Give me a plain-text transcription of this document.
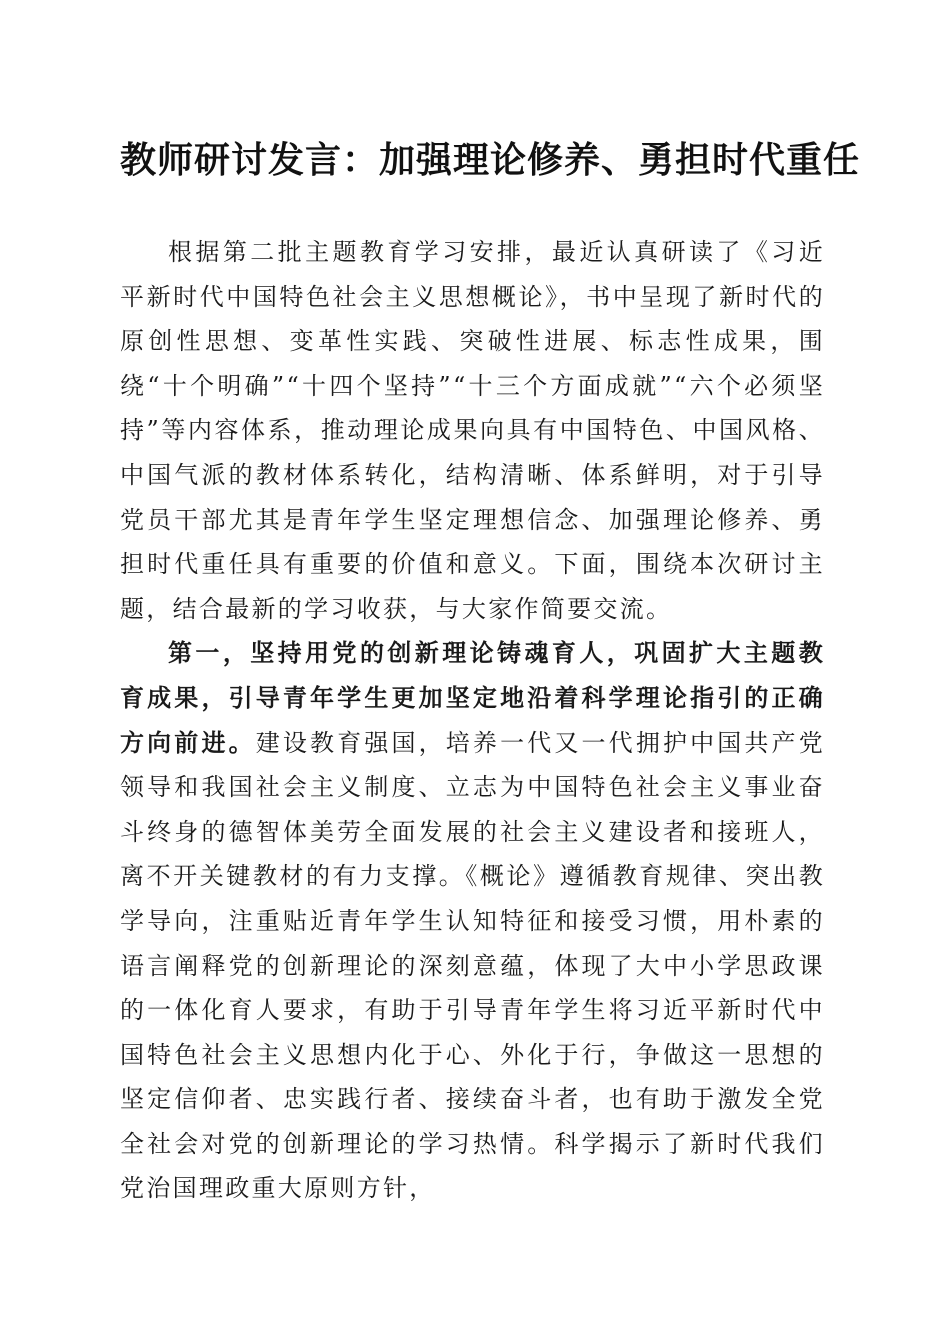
教师研讨发言：加强理论修养、勇担时代重任

根据第二批主题教育学习安排，最近认真研读了《习近平新时代中国特色社会主义思想概论》，书中呈现了新时代的原创性思想、变革性实践、突破性进展、标志性成果，围绕“十个明确”“十四个坚持”“十三个方面成就”“六个必须坚持”等内容体系，推动理论成果向具有中国特色、中国风格、中国气派的教材体系转化，结构清晰、体系鲜明，对于引导党员干部尤其是青年学生坚定理想信念、加强理论修养、勇担时代重任具有重要的价值和意义。下面，围绕本次研讨主题，结合最新的学习收获，与大家作简要交流。

第一，坚持用党的创新理论铸魂育人，巩固扩大主题教育成果，引导青年学生更加坚定地沿着科学理论指引的正确方向前进。建设教育强国，培养一代又一代拥护中国共产党领导和我国社会主义制度、立志为中国特色社会主义事业奋斗终身的德智体美劳全面发展的社会主义建设者和接班人，离不开关键教材的有力支撑。《概论》遵循教育规律、突出教学导向，注重贴近青年学生认知特征和接受习惯，用朴素的语言阐释党的创新理论的深刻意蕴，体现了大中小学思政课的一体化育人要求，有助于引导青年学生将习近平新时代中国特色社会主义思想内化于心、外化于行，争做这一思想的坚定信仰者、忠实践行者、接续奋斗者，也有助于激发全党全社会对党的创新理论的学习热情。科学揭示了新时代我们党治国理政重大原则方针，
